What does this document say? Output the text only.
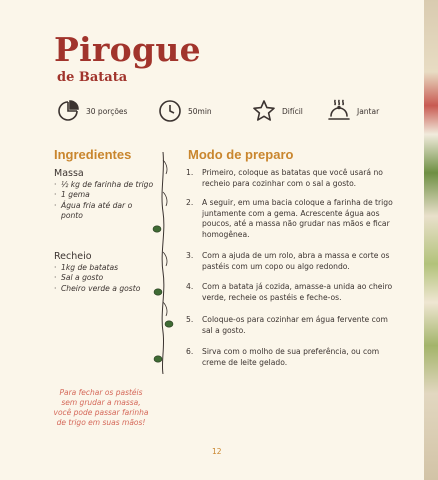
Pirogue
de Batata
30 porções	50min	Difícil	Jantar
Ingredientes
Massa
· ½ kg de farinha de trigo
· 1 gema
· Água fria até dar o ponto
Recheio
· 1kg de batatas
· Sal a gosto
· Cheiro verde a gosto

Para fechar os pastéis sem grudar a massa, você pode passar farinha de trigo em suas mãos!

Modo de preparo
1.	Primeiro, coloque as batatas que você usará no recheio para cozinhar com o sal a gosto.
2.	A seguir, em uma bacia coloque a farinha de trigo juntamente com a gema. Acrescente água aos poucos, até a massa não grudar nas mãos e ficar homogênea.
3.	Com a ajuda de um rolo, abra a massa e corte os pastéis com um copo ou algo redondo.
4.	Com a batata já cozida, amasse-a unida ao cheiro verde, recheie os pastéis e feche-os.
5.	Coloque-os para cozinhar em água fervente com sal a gosto.
6.	Sirva com o molho de sua preferência, ou com creme de leite gelado.
12
